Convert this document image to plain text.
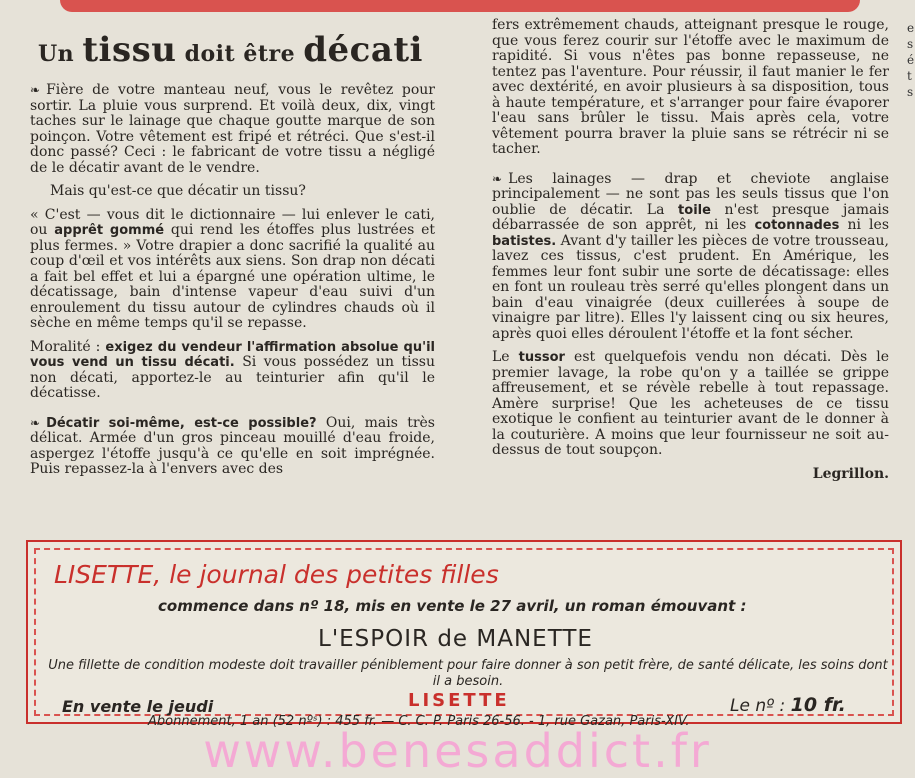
e
s
é
t
s
Un tissu doit être décati

❧ Fière de votre manteau neuf, vous le revêtez pour sortir. La pluie vous surprend. Et voilà deux, dix, vingt taches sur le lainage que chaque goutte marque de son poinçon. Votre vêtement est fripé et rétréci. Que s'est-il donc passé? Ceci : le fabricant de votre tissu a négligé de le décatir avant de le vendre.

Mais qu'est-ce que décatir un tissu?

« C'est — vous dit le dictionnaire — lui enlever le cati, ou apprêt gommé qui rend les étoffes plus lustrées et plus fermes. » Votre drapier a donc sacrifié la qualité au coup d'œil et vos intérêts aux siens. Son drap non décati a fait bel effet et lui a épargné une opération ultime, le décatissage, bain d'intense vapeur d'eau suivi d'un enroulement du tissu autour de cylindres chauds où il sèche en même temps qu'il se repasse.

Moralité : exigez du vendeur l'affirmation absolue qu'il vous vend un tissu décati. Si vous possédez un tissu non décati, apportez-le au teinturier afin qu'il le décatisse.

❧ Décatir soi-même, est-ce possible? Oui, mais très délicat. Armée d'un gros pinceau mouillé d'eau froide, aspergez l'étoffe jusqu'à ce qu'elle en soit imprégnée. Puis repassez-la à l'envers avec des

fers extrêmement chauds, atteignant presque le rouge, que vous ferez courir sur l'étoffe avec le maximum de rapidité. Si vous n'êtes pas bonne repasseuse, ne tentez pas l'aventure. Pour réussir, il faut manier le fer avec dextérité, en avoir plusieurs à sa disposition, tous à haute température, et s'arranger pour faire évaporer l'eau sans brûler le tissu. Mais après cela, votre vêtement pourra braver la pluie sans se rétrécir ni se tacher.

❧ Les lainages — drap et cheviote anglaise principalement — ne sont pas les seuls tissus que l'on oublie de décatir. La toile n'est presque jamais débarrassée de son apprêt, ni les cotonnades ni les batistes. Avant d'y tailler les pièces de votre trousseau, lavez ces tissus, c'est prudent. En Amérique, les femmes leur font subir une sorte de décatissage: elles en font un rouleau très serré qu'elles plongent dans un bain d'eau vinaigrée (deux cuillerées à soupe de vinaigre par litre). Elles l'y laissent cinq ou six heures, après quoi elles déroulent l'étoffe et la font sécher.

Le tussor est quelquefois vendu non décati. Dès le premier lavage, la robe qu'on y a taillée se grippe affreusement, et se révèle rebelle à tout repassage. Amère surprise! Que les acheteuses de ce tissu exotique le confient au teinturier avant de le donner à la couturière. A moins que leur fournisseur ne soit au-dessus de tout soupçon.

Legrillon.
LISETTE, le journal des petites filles
commence dans nº 18, mis en vente le 27 avril, un roman émouvant :
L'ESPOIR de MANETTE
Une fillette de condition modeste doit travailler péniblement pour faire donner à son petit frère, de santé délicate, les soins dont il a besoin.
En vente le jeudi	LISETTE	Le nº : 10 fr.
Abonnement, 1 an (52 nºˢ) : 455 fr. — C. C. P. Paris 26-56. - 1, rue Gazan, Paris-XIV.
www.benesaddict.fr
